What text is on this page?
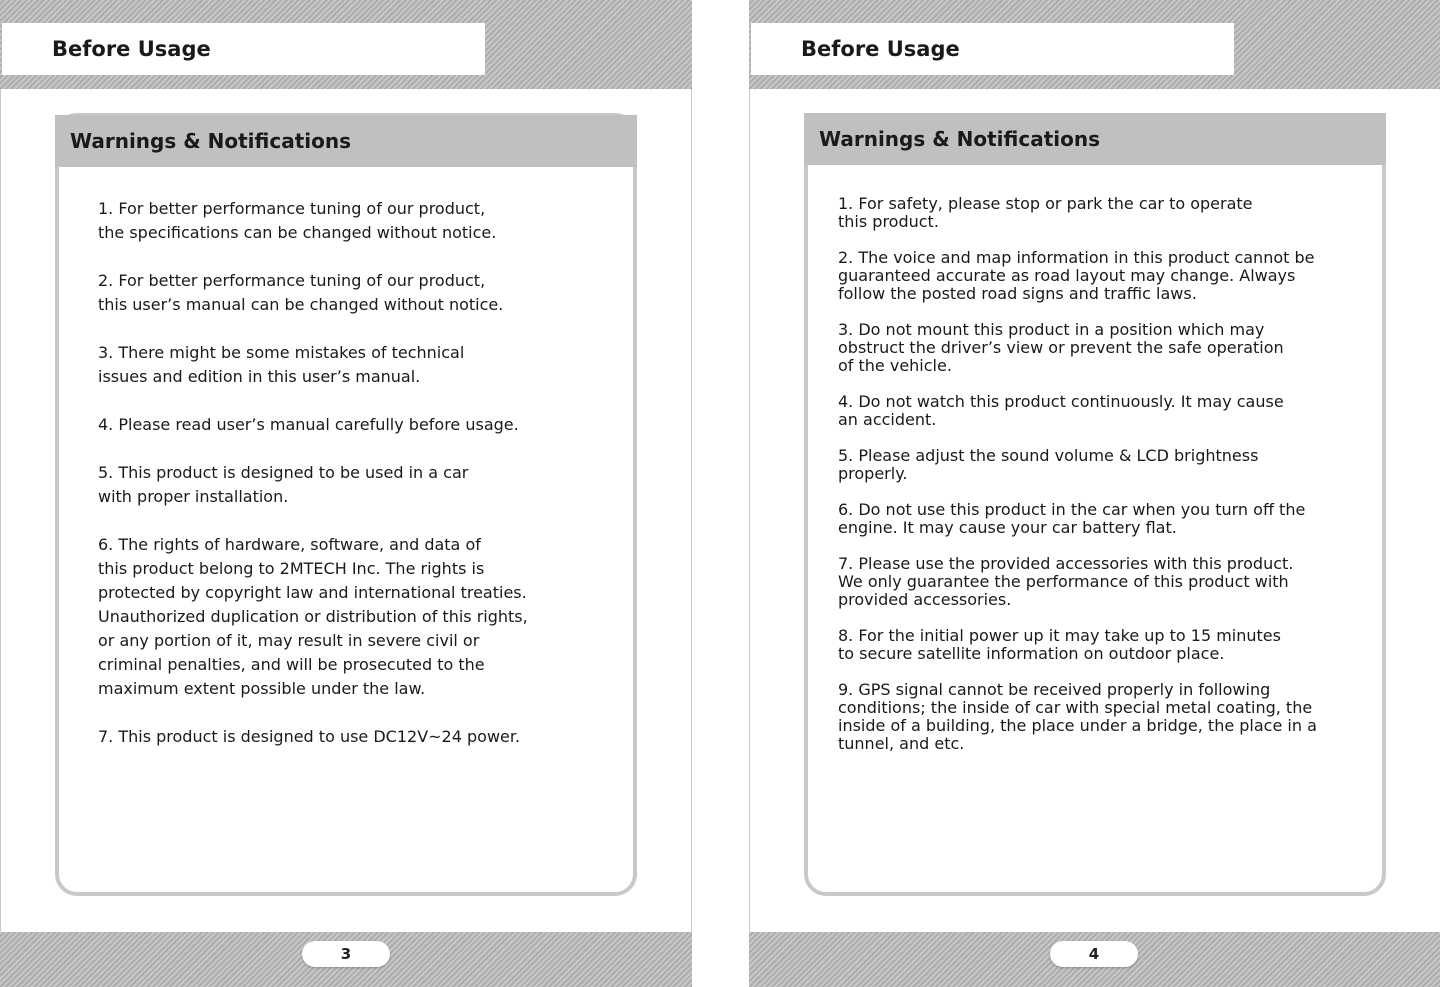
Before Usage
Warnings & Notifications
1. For better performance tuning of our product,
the specifications can be changed without notice.
2. For better performance tuning of our product,
this user’s manual can be changed without notice.
3. There might be some mistakes of technical
issues and edition in this user’s manual.
4. Please read user’s manual carefully before usage.
5. This product is designed to be used in a car
with proper installation.
6. The rights of hardware, software, and data of
this product belong to 2MTECH Inc. The rights is
protected by copyright law and international treaties.
Unauthorized duplication or distribution of this rights,
or any portion of it, may result in severe civil or
criminal penalties, and will be prosecuted to the
maximum extent possible under the law.
7. This product is designed to use DC12V~24 power.
3
Before Usage
Warnings & Notifications
1. For safety, please stop or park the car to operate
this product.
2. The voice and map information in this product cannot be
guaranteed accurate as road layout may change. Always
follow the posted road signs and traffic laws.
3. Do not mount this product in a position which may
obstruct the driver’s view or prevent the safe operation
of the vehicle.
4. Do not watch this product continuously. It may cause
an accident.
5. Please adjust the sound volume & LCD brightness
properly.
6. Do not use this product in the car when you turn off the
engine. It may cause your car battery flat.
7. Please use the provided accessories with this product.
We only guarantee the performance of this product with
provided accessories.
8. For the initial power up it may take up to 15 minutes
to secure satellite information on outdoor place.
9. GPS signal cannot be received properly in following
conditions; the inside of car with special metal coating, the
inside of a building, the place under a bridge, the place in a
tunnel, and etc.
4
